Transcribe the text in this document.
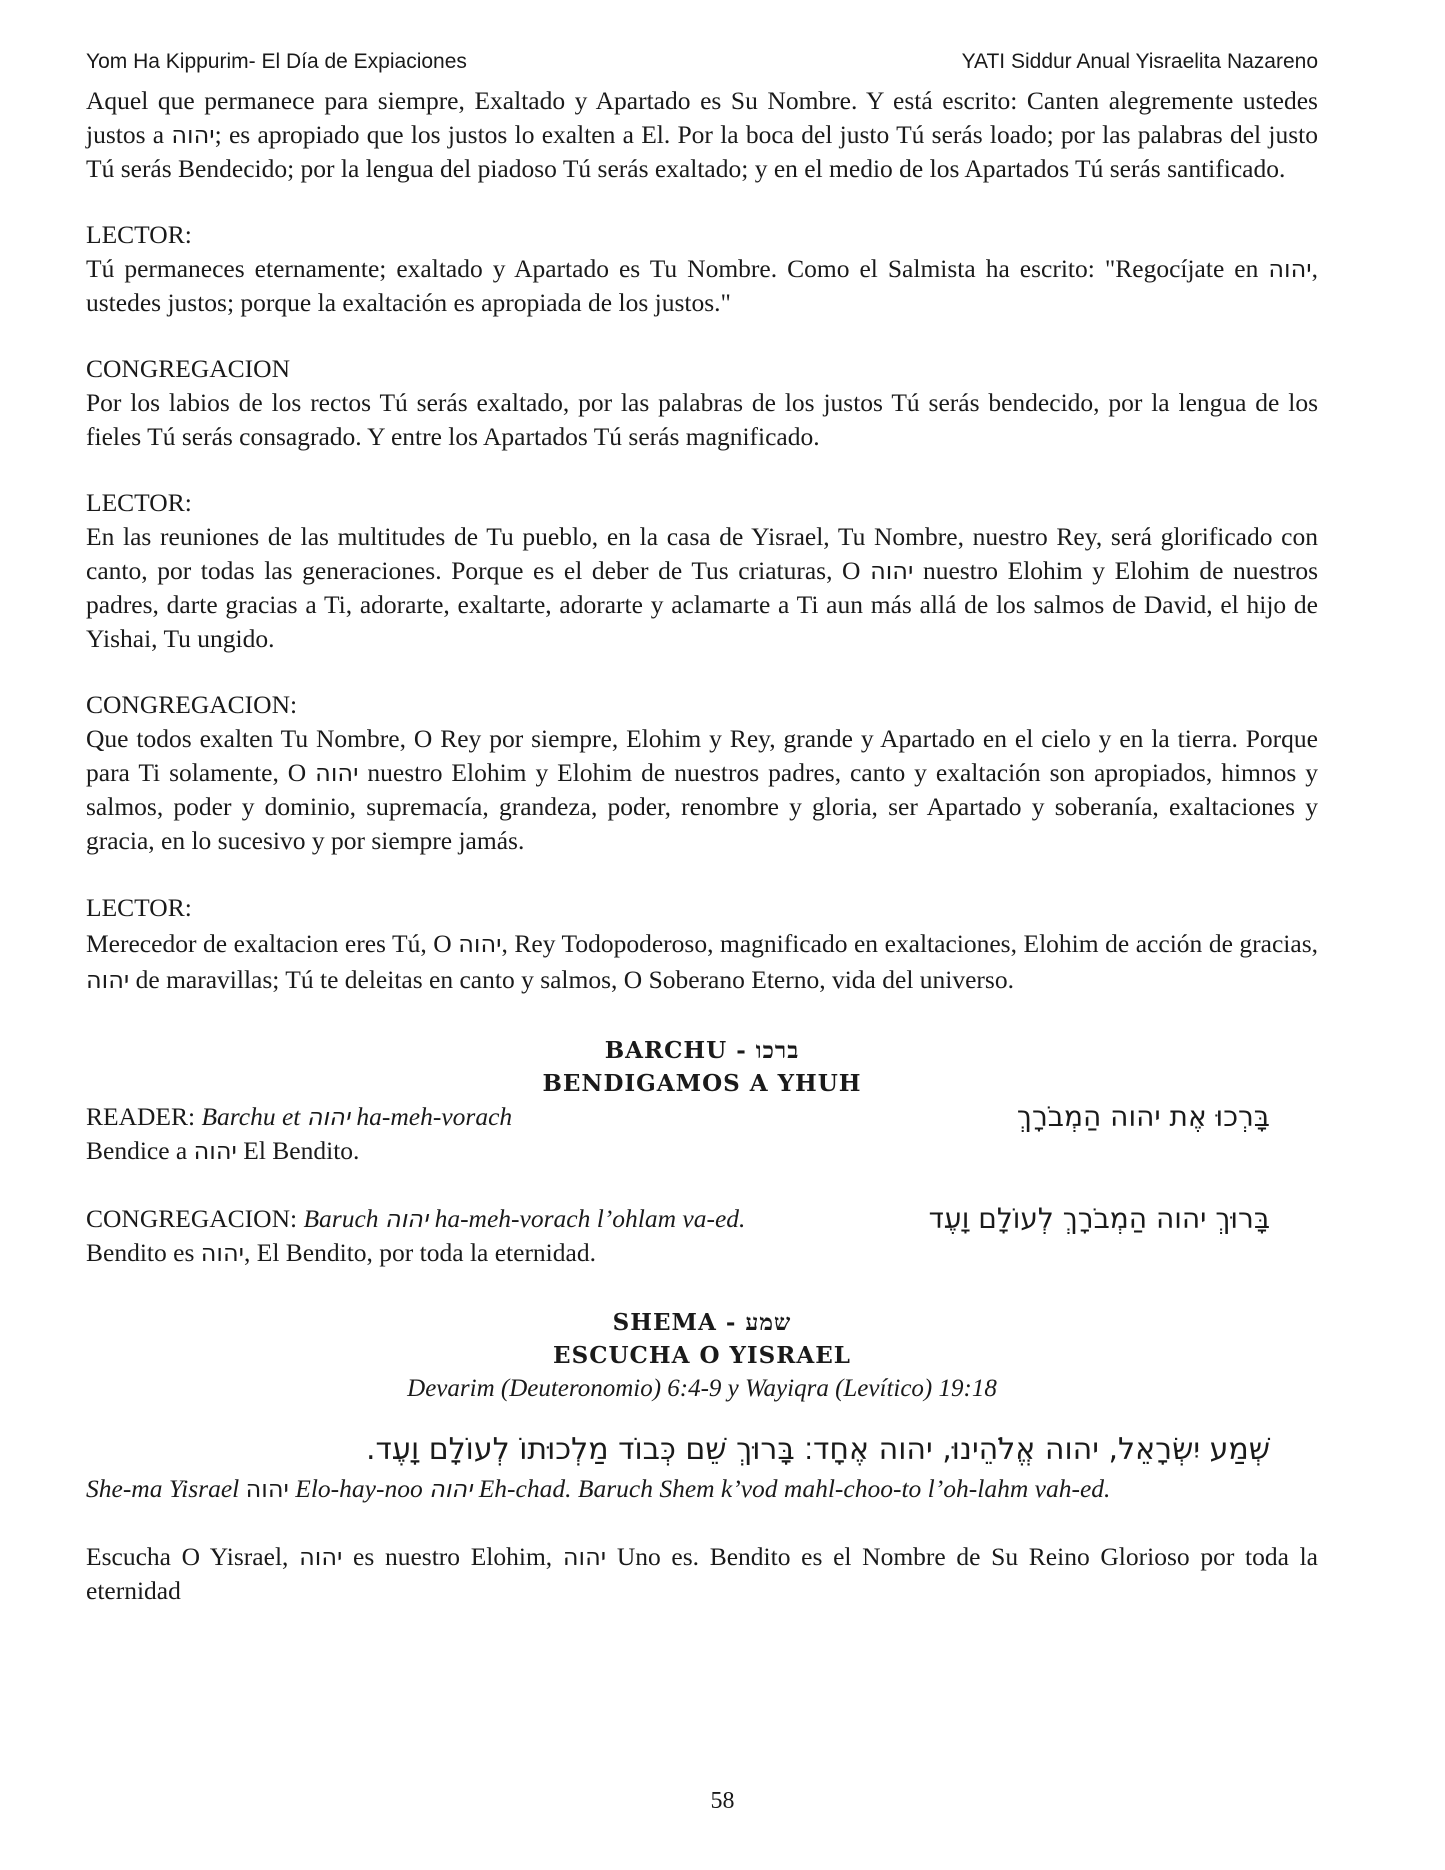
Yom Ha Kippurim- El Día de Expiaciones	YATI Siddur Anual Yisraelita Nazareno

Aquel que permanece para siempre, Exaltado y Apartado es Su Nombre. Y está escrito: Canten alegremente ustedes justos a יהוה; es apropiado que los justos lo exalten a El. Por la boca del justo Tú serás loado; por las palabras del justo Tú serás Bendecido; por la lengua del piadoso Tú serás exaltado; y en el medio de los Apartados Tú serás santificado.

LECTOR:
Tú permaneces eternamente; exaltado y Apartado es Tu Nombre. Como el Salmista ha escrito: "Regocíjate en יהוה, ustedes justos; porque la exaltación es apropiada de los justos."

CONGREGACION
Por los labios de los rectos Tú serás exaltado, por las palabras de los justos Tú serás bendecido, por la lengua de los fieles Tú serás consagrado. Y entre los Apartados Tú serás magnificado.

LECTOR:
En las reuniones de las multitudes de Tu pueblo, en la casa de Yisrael, Tu Nombre, nuestro Rey, será glorificado con canto, por todas las generaciones. Porque es el deber de Tus criaturas, O יהוה nuestro Elohim y Elohim de nuestros padres, darte gracias a Ti, adorarte, exaltarte, adorarte y aclamarte a Ti aun más allá de los salmos de David, el hijo de Yishai, Tu ungido.

CONGREGACION:
Que todos exalten Tu Nombre, O Rey por siempre, Elohim y Rey, grande y Apartado en el cielo y en la tierra. Porque para Ti solamente, O יהוה nuestro Elohim y Elohim de nuestros padres, canto y exaltación son apropiados, himnos y salmos, poder y dominio, supremacía, grandeza, poder, renombre y gloria, ser Apartado y soberanía, exaltaciones y gracia, en lo sucesivo y por siempre jamás.

LECTOR:
Merecedor de exaltacion eres Tú, O יהוה, Rey Todopoderoso, magnificado en exaltaciones, Elohim de acción de gracias, יהוה de maravillas; Tú te deleitas en canto y salmos, O Soberano Eterno, vida del universo.

BARCHU - ברכו
BENDIGAMOS A YHUH
READER: Barchu et יהוה ha-meh-vorach	בָּרְכוּ אֶת יהוה הַמְבֹרָךְ
Bendice a יהוה El Bendito.
CONGREGACION: Baruch יהוה ha-meh-vorach l’ohlam va-ed.	בָּרוּךְ יהוה הַמְבֹרָךְ לְעוֹלָם וָעֶד
Bendito es יהוה, El Bendito, por toda la eternidad.
SHEMA - שמע
ESCUCHA O YISRAEL
Devarim (Deuteronomio) 6:4-9 y Wayiqra (Levítico) 19:18
שְׁמַע יִשְׂרָאֵל, יהוה אֱלֹהֵינוּ, יהוה אֶחָד׃ בָּרוּךְ שֵׁם כְּבוֹד מַלְכוּתוֹ לְעוֹלָם וָעֶד.
She-ma Yisrael יהוה Elo-hay-noo יהוה Eh-chad. Baruch Shem k’vod mahl-choo-to l’oh-lahm vah-ed.

Escucha O Yisrael, יהוה es nuestro Elohim, יהוה Uno es. Bendito es el Nombre de Su Reino Glorioso por toda la eternidad

58
